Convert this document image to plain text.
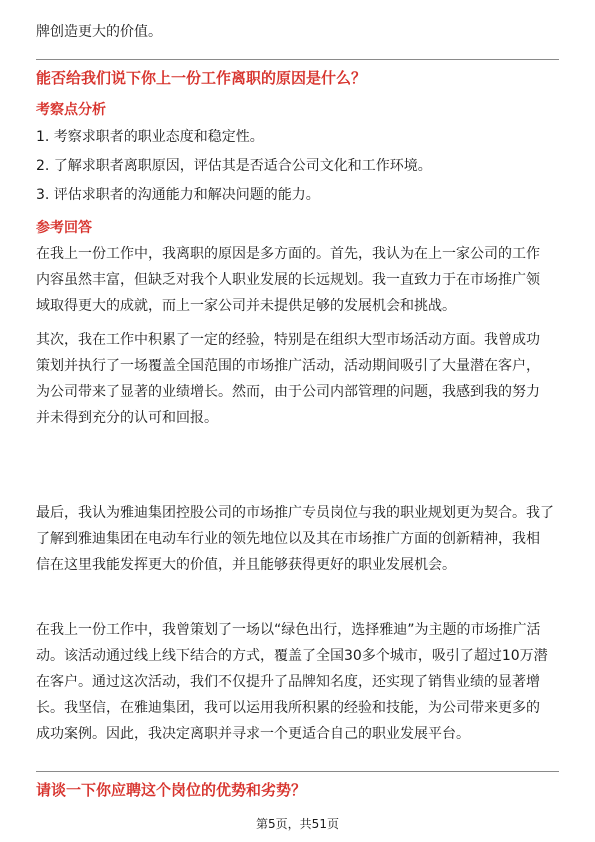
牌创造更大的价值。

能否给我们说下你上一份工作离职的原因是什么？

考察点分析

1. 考察求职者的职业态度和稳定性。

2. 了解求职者离职原因，评估其是否适合公司文化和工作环境。

3. 评估求职者的沟通能力和解决问题的能力。

参考回答

在我上一份工作中，我离职的原因是多方面的。首先，我认为在上一家公司的工作
内容虽然丰富，但缺乏对我个人职业发展的长远规划。我一直致力于在市场推广领
域取得更大的成就，而上一家公司并未提供足够的发展机会和挑战。
其次，我在工作中积累了一定的经验，特别是在组织大型市场活动方面。我曾成功
策划并执行了一场覆盖全国范围的市场推广活动，活动期间吸引了大量潜在客户，
为公司带来了显著的业绩增长。然而，由于公司内部管理的问题，我感到我的努力
并未得到充分的认可和回报。
最后，我认为雅迪集团控股公司的市场推广专员岗位与我的职业规划更为契合。我了
了解到雅迪集团在电动车行业的领先地位以及其在市场推广方面的创新精神，我相
信在这里我能发挥更大的价值，并且能够获得更好的职业发展机会。
在我上一份工作中，我曾策划了一场以“绿色出行，选择雅迪”为主题的市场推广活
动。该活动通过线上线下结合的方式，覆盖了全国30多个城市，吸引了超过10万潜
在客户。通过这次活动，我们不仅提升了品牌知名度，还实现了销售业绩的显著增
长。我坚信，在雅迪集团，我可以运用我所积累的经验和技能，为公司带来更多的
成功案例。因此，我决定离职并寻求一个更适合自己的职业发展平台。

请谈一下你应聘这个岗位的优势和劣势？

第5页，共51页
